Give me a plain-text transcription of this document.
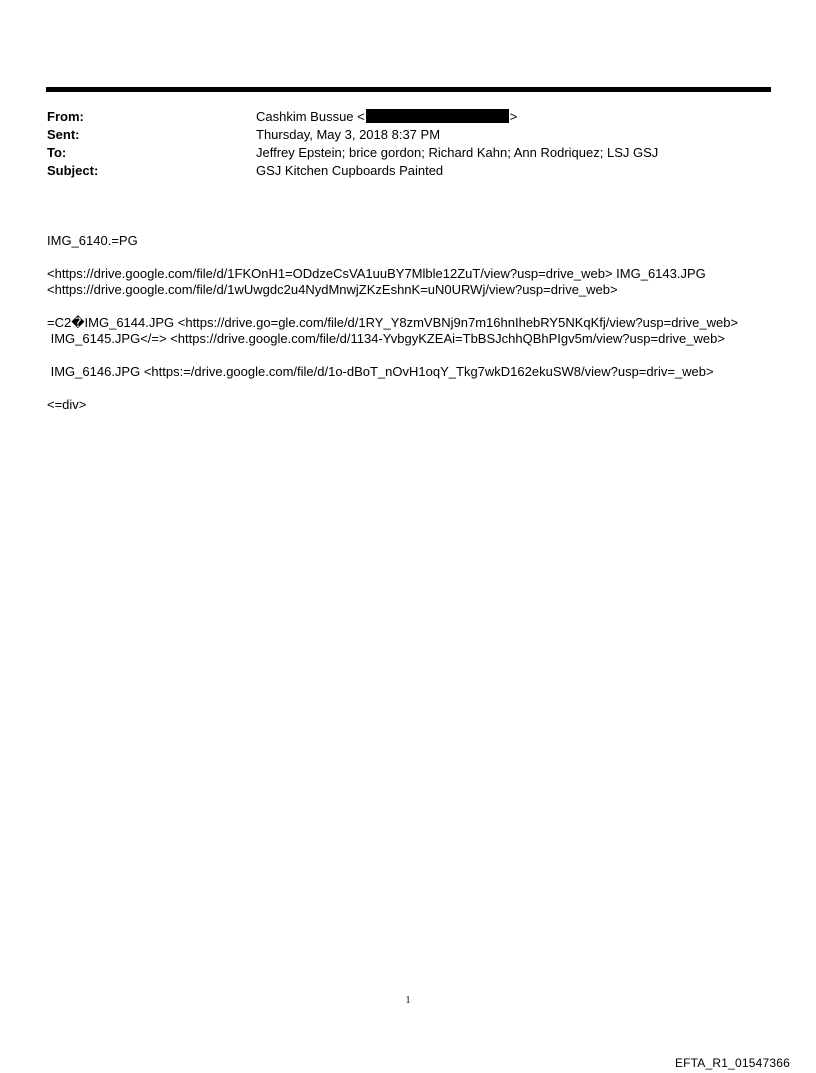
From:	Cashkim Bussue <	>
Sent:	Thursday, May 3, 2018 8:37 PM
To:	Jeffrey Epstein; brice gordon; Richard Kahn; Ann Rodriquez; LSJ GSJ
Subject:	GSJ Kitchen Cupboards Painted
IMG_6140.=PG
<https://drive.google.com/file/d/1FKOnH1=ODdzeCsVA1uuBY7Mlble12ZuT/view?usp=drive_web> IMG_6143.JPG
<https://drive.google.com/file/d/1wUwgdc2u4NydMnwjZKzEshnK=uN0URWj/view?usp=drive_web>
=C2�IMG_6144.JPG <https://drive.go=gle.com/file/d/1RY_Y8zmVBNj9n7m16hnIhebRY5NKqKfj/view?usp=drive_web>
IMG_6145.JPG</=> <https://drive.google.com/file/d/1134-YvbgyKZEAi=TbBSJchhQBhPIgv5m/view?usp=drive_web>
IMG_6146.JPG <https:=/drive.google.com/file/d/1o-dBoT_nOvH1oqY_Tkg7wkD162ekuSW8/view?usp=driv=_web>
<=div>
1
EFTA_R1_01547366
